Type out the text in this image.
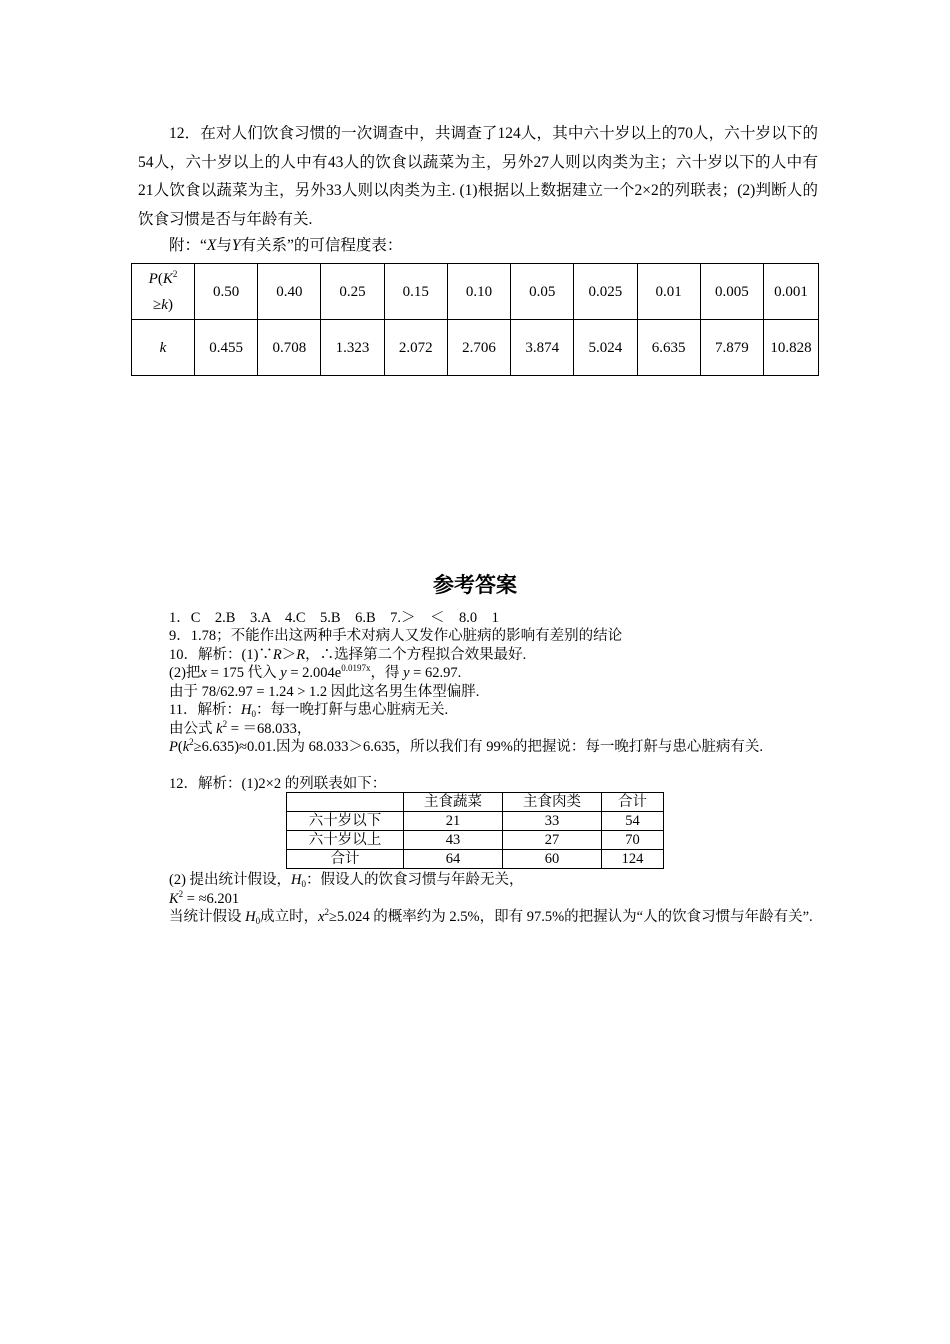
12．在对人们饮食习惯的一次调查中，共调查了124人，其中六十岁以上的70人，六十岁以下的54人，六十岁以上的人中有43人的饮食以蔬菜为主，另外27人则以肉类为主；六十岁以下的人中有21人饮食以蔬菜为主，另外33人则以肉类为主. (1)根据以上数据建立一个2×2的列联表；(2)判断人的饮食习惯是否与年龄有关.
附：“X与Y有关系”的可信程度表：
$P(K^2$
≥k)	0.50	0.40	0.25	0.15	0.10	0.05	0.025	0.01	0.005	0.001
k	0.455	0.708	1.323	2.072	2.706	3.874	5.024	6.635	7.879	10.828
参考答案
1．C　2.B　3.A　4.C　5.B　6.B　7.＞　＜　8.0　1
9．1.78；不能作出这两种手术对病人又发作心脏病的影响有差别的结论
10．解析：(1)∵R＞R，∴选择第二个方程拟合效果最好.
(2)把x = 175 代入 $y = 2.004e^{0.0197x}$，得 y = 62.97.
由于 78/62.97 = 1.24 > 1.2 因此这名男生体型偏胖.
11．解析：$H_0$：每一晚打鼾与患心脏病无关.
由公式 $k^2 = =68.033$，
$P(k^2\ge 6.635)\approx 0.01$.因为 68.033＞6.635，所以我们有 99%的把握说：每一晚打鼾与患心脏病有关.
12．解析：(1)2×2 的列联表如下：
	主食蔬菜	主食肉类	合计
六十岁以下	21	33	54
六十岁以上	43	27	70
合计	64	60	124
(2) 提出统计假设，$H_0$：假设人的饮食习惯与年龄无关，
$K^2 = \approx 6.201$
当统计假设 $H_0$成立时，$x^2\ge 5.024$ 的概率约为 2.5%，即有 97.5%的把握认为“人的饮食习惯与年龄有关”.
